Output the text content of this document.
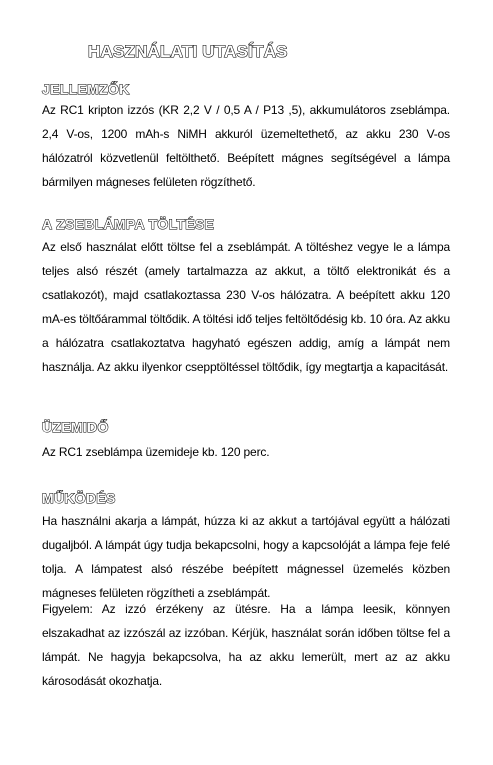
HASZNÁLATI UTASÍTÁS
JELLEMZŐK

Az RC1 kripton izzós (KR 2,2 V / 0,5 A / P13 ,5), akkumulátoros zseblámpa. 2,4 V-os, 1200 mAh-s NiMH akkuról üzemeltethető, az akku 230 V-os hálózatról közvetlenül feltölthető. Beépített mágnes segítségével a lámpa bármilyen mágneses felületen rögzíthető.

A ZSEBLÁMPA TÖLTÉSE

Az első használat előtt töltse fel a zseblámpát. A töltéshez vegye le a lámpa teljes alsó részét (amely tartalmazza az akkut, a töltő elektronikát és a csatlakozót), majd csatlakoztassa 230 V-os hálózatra. A beépített akku 120 mA-es töltőárammal töltődik. A töltési idő teljes feltöltődésig kb. 10 óra. Az akku a hálózatra csatlakoztatva hagyható egészen addig, amíg a lámpát nem használja. Az akku ilyenkor csepptöltéssel töltődik, így megtartja a kapacitását.

ÜZEMIDŐ

Az RC1 zseblámpa üzemideje kb. 120 perc.

MŰKÖDÉS

Ha használni akarja a lámpát, húzza ki az akkut a tartójával együtt a hálózati dugaljból. A lámpát úgy tudja bekapcsolni, hogy a kapcsolóját a lámpa feje felé tolja. A lámpatest alsó részébe beépített mágnessel üzemelés közben mágneses felületen rögzítheti a zseblámpát.

Figyelem: Az izzó érzékeny az ütésre. Ha a lámpa leesik, könnyen elszakadhat az izzószál az izzóban. Kérjük, használat során időben töltse fel a lámpát. Ne hagyja bekapcsolva, ha az akku lemerült, mert az az akku károsodását okozhatja.
